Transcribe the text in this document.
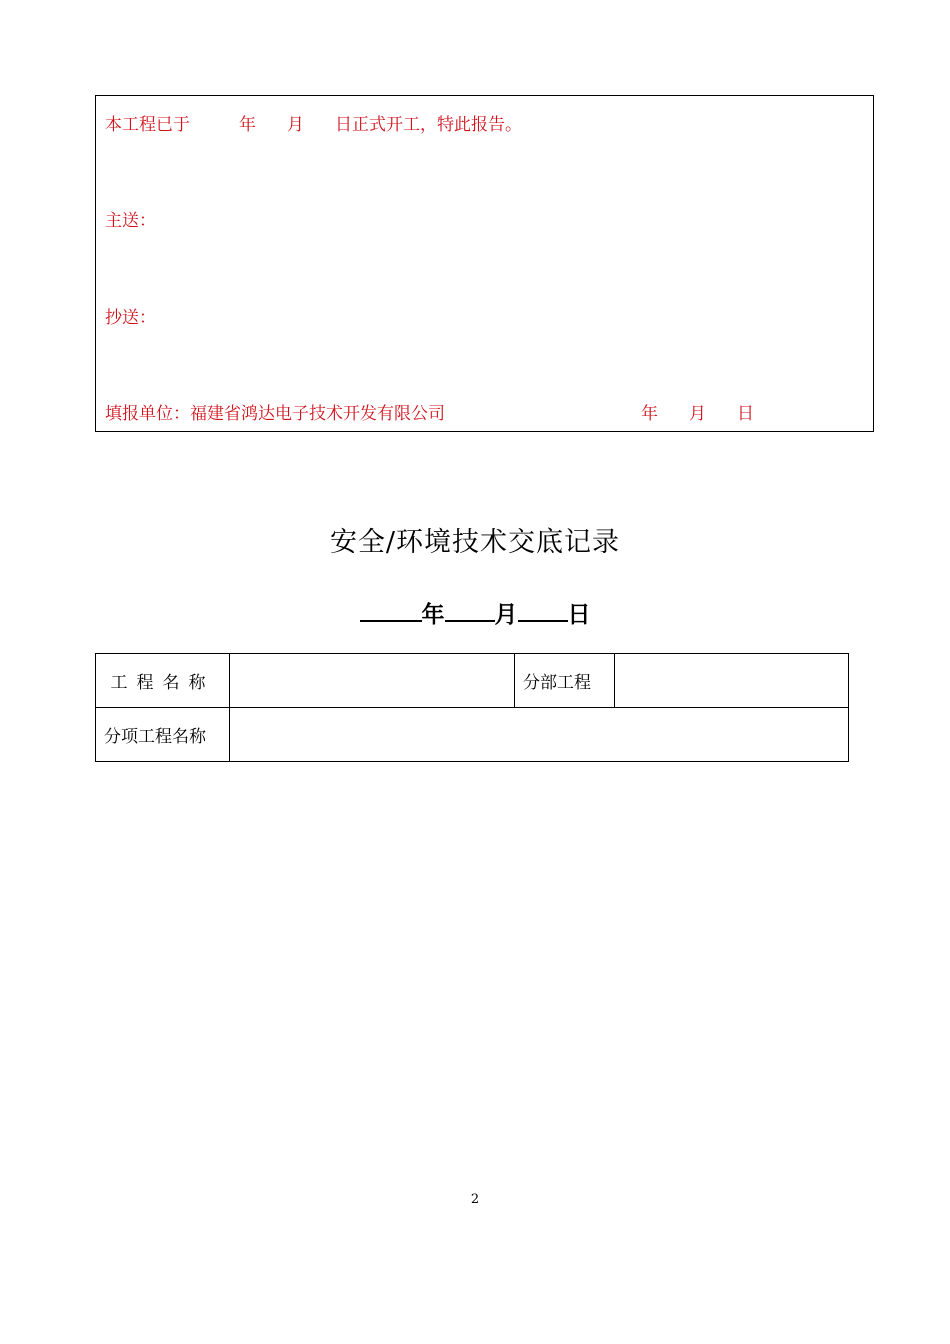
本工程已于	年 月 日正式开工，特此报告。
主送：
抄送：
填报单位：福建省鸿达电子技术开发有限公司	年 月 日
安全/环境技术交底记录
年 月 日
工程名称		分部工程	
分项工程名称			
2
